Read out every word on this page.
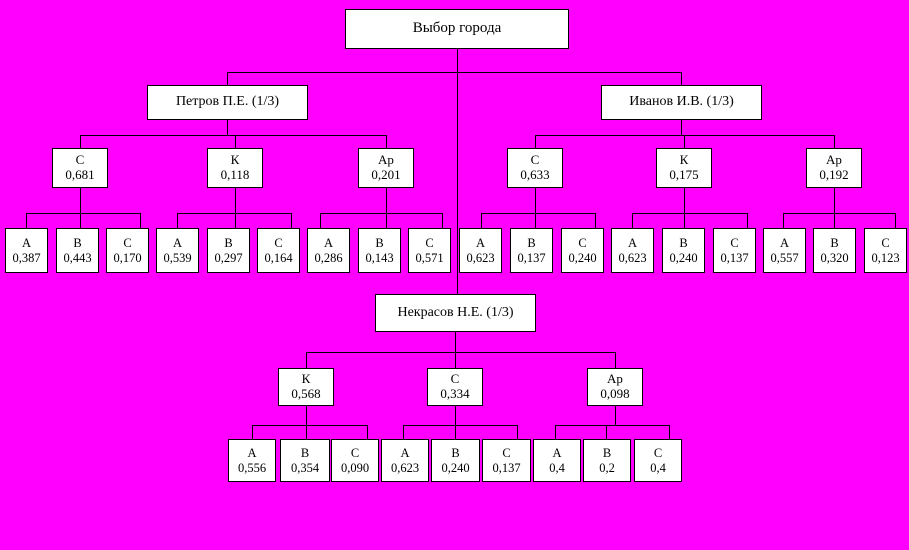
Выбор города
Петров П.Е. (1/3)	Иванов И.В. (1/3)
С
0,681
К
0,118
Ар
0,201
С
0,633
К
0,175
Ар
0,192
А
0,387
В
0,443
С
0,170
А
0,539
В
0,297
С
0,164
А
0,286
В
0,143
С
0,571
А
0,623
В
0,137
С
0,240
А
0,623
В
0,240
С
0,137
А
0,557
В
0,320
С
0,123
Некрасов Н.Е. (1/3)
К
0,568
С
0,334
Ар
0,098
А
0,556
В
0,354
С
0,090
А
0,623
В
0,240
С
0,137
А
0,4
В
0,2
С
0,4
